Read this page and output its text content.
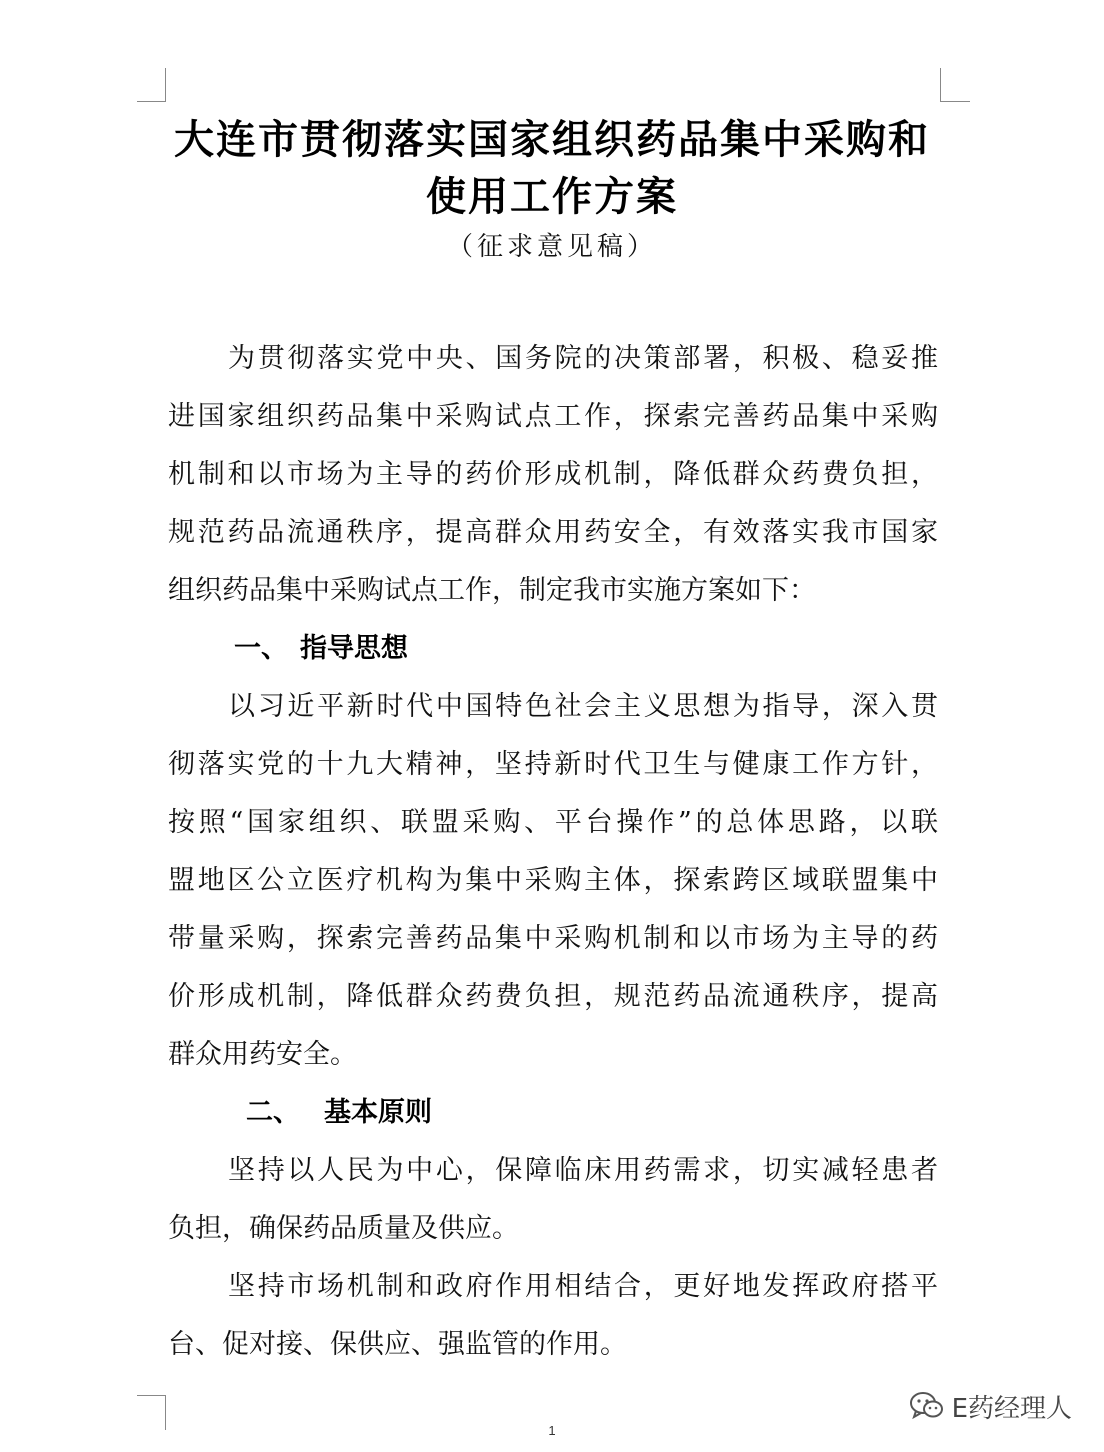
大连市贯彻落实国家组织药品集中采购和
使用工作方案
（征求意见稿）
为贯彻落实党中央、国务院的决策部署，积极、稳妥推
进国家组织药品集中采购试点工作，探索完善药品集中采购
机制和以市场为主导的药价形成机制，降低群众药费负担，
规范药品流通秩序，提高群众用药安全，有效落实我市国家
组织药品集中采购试点工作，制定我市实施方案如下：
一、 指导思想
以习近平新时代中国特色社会主义思想为指导，深入贯
彻落实党的十九大精神，坚持新时代卫生与健康工作方针，
按照“国家组织、联盟采购、平台操作”的总体思路，以联
盟地区公立医疗机构为集中采购主体，探索跨区域联盟集中
带量采购，探索完善药品集中采购机制和以市场为主导的药
价形成机制，降低群众药费负担，规范药品流通秩序，提高
群众用药安全。
二、 基本原则
坚持以人民为中心，保障临床用药需求，切实减轻患者
负担，确保药品质量及供应。
坚持市场机制和政府作用相结合，更好地发挥政府搭平
台、促对接、保供应、强监管的作用。
1
E药经理人
